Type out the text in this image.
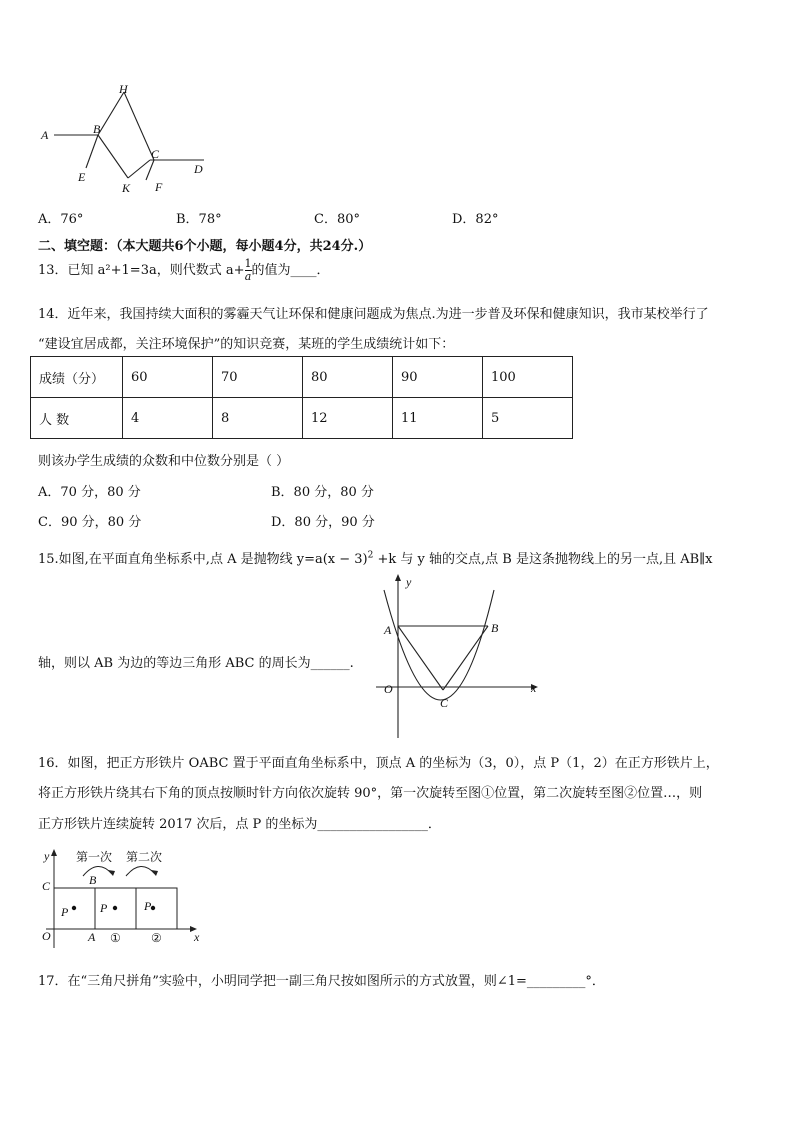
H
A	B
C
D
E
K F
A．76°	B．78°	C．80°	D．82°
二、填空题：（本大题共6个小题，每小题4分，共24分.）
13．已知 a²+1=3a，则代数式 $a+ \frac{1}{a}$ 的值为____．
14．近年来，我国持续大面积的雾霾天气让环保和健康问题成为焦点.为进一步普及环保和健康知识，我市某校举行了
“建设宜居成都，关注环境保护”的知识竞赛，某班的学生成绩统计如下：
成绩（分）	60	70	80	90	100
人 数	4	8	12	11	5
则该办学生成绩的众数和中位数分别是（ ）
A．70 分，80 分	B．80 分，80 分
C．90 分，80 分	D．80 分，90 分
15.如图,在平面直角坐标系中,点 A 是抛物线 $y=a(x - 3)^2 +k$ 与 y 轴的交点,点 B 是这条抛物线上的另一点,且 AB∥x
轴，则以 AB 为边的等边三角形 ABC 的周长为______.
y
A	B
O
C
x
16．如图，把正方形铁片 OABC 置于平面直角坐标系中，顶点 A 的坐标为（3，0），点 P（1，2）在正方形铁片上，
将正方形铁片绕其右下角的顶点按顺时针方向依次旋转 90°，第一次旋转至图①位置，第二次旋转至图②位置…，则
正方形铁片连续旋转 2017 次后，点 P 的坐标为_________________．
y
C	B
P	P	P
O	A	x
①	②
第一次 第二次
17．在“三角尺拼角”实验中，小明同学把一副三角尺按如图所示的方式放置，则∠1=_________°．
